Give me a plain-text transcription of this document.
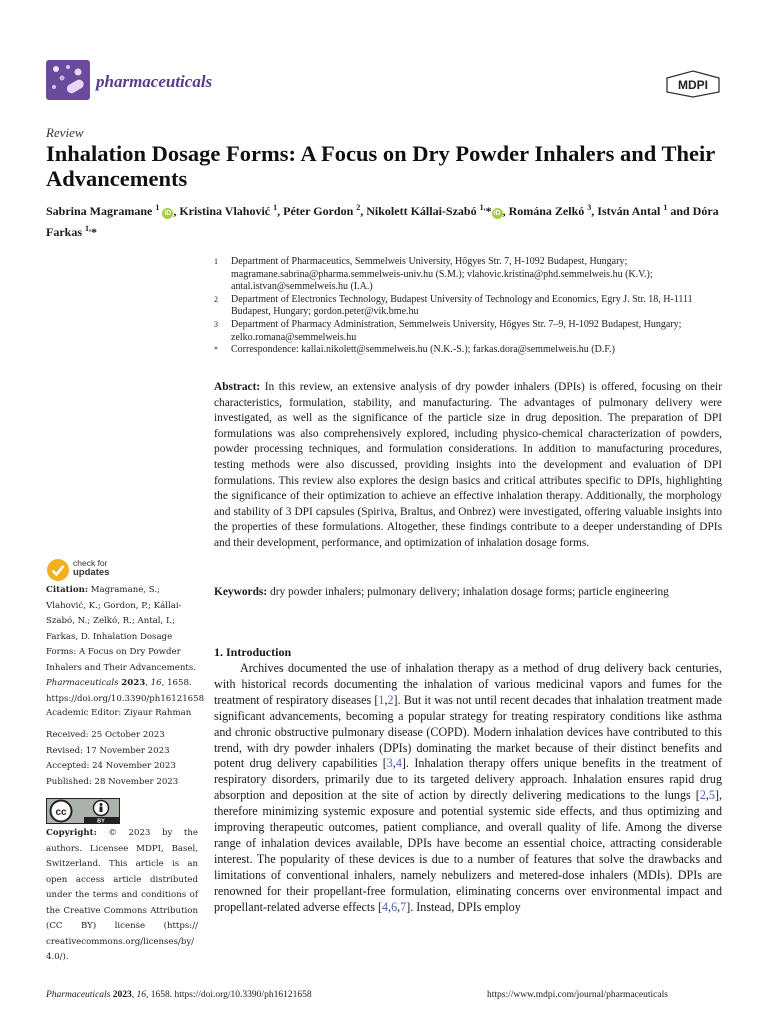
pharmaceuticals	MDPI
Review
Inhalation Dosage Forms: A Focus on Dry Powder Inhalers and Their Advancements
Sabrina Magramane $^1$ iD , Kristina Vlahović $^1$, Péter Gordon $^2$, Nikolett Kállai-Szabó $^{1,}$* iD , Romána Zelkó $^3$, István Antal $^1$ and Dóra Farkas $^{1,}$*
1	Department of Pharmaceutics, Semmelweis University, Hőgyes Str. 7, H-1092 Budapest, Hungary; magramane.sabrina@pharma.semmelweis-univ.hu (S.M.); vlahovic.kristina@phd.semmelweis.hu (K.V.); antal.istvan@semmelweis.hu (I.A.)
2	Department of Electronics Technology, Budapest University of Technology and Economics, Egry J. Str. 18, H-1111 Budapest, Hungary; gordon.peter@vik.bme.hu
3	Department of Pharmacy Administration, Semmelweis University, Hőgyes Str. 7–9, H-1092 Budapest, Hungary; zelko.romana@semmelweis.hu
*	Correspondence: kallai.nikolett@semmelweis.hu (N.K.-S.); farkas.dora@semmelweis.hu (D.F.)
Abstract: In this review, an extensive analysis of dry powder inhalers (DPIs) is offered, focusing on their characteristics, formulation, stability, and manufacturing. The advantages of pulmonary delivery were investigated, as well as the significance of the particle size in drug deposition. The preparation of DPI formulations was also comprehensively explored, including physico-chemical characterization of powders, powder processing techniques, and formulation considerations. In addition to manufacturing procedures, testing methods were also discussed, providing insights into the development and evaluation of DPI formulations. This review also explores the design basics and critical attributes specific to DPIs, highlighting the significance of their optimization to achieve an effective inhalation therapy. Additionally, the morphology and stability of 3 DPI capsules (Spiriva, Braltus, and Onbrez) were investigated, offering valuable insights into the properties of these formulations. Altogether, these findings contribute to a deeper understanding of DPIs and their development, performance, and optimization of inhalation dosage forms.
Keywords: dry powder inhalers; pulmonary delivery; inhalation dosage forms; particle engineering
1. Introduction
Archives documented the use of inhalation therapy as a method of drug delivery back centuries, with historical records documenting the inhalation of various medicinal vapors and fumes for the treatment of respiratory diseases [1,2]. But it was not until recent decades that inhalation treatment made significant advancements, becoming a popular strategy for treating respiratory conditions like asthma and chronic obstructive pulmonary disease (COPD). Modern inhalation devices have contributed to this trend, with dry powder inhalers (DPIs) dominating the market because of their distinct benefits and potent drug delivery capabilities [3,4]. Inhalation therapy offers unique benefits in the treatment of respiratory disorders, primarily due to its targeted delivery approach. Inhalation ensures rapid drug absorption and deposition at the site of action by directly delivering medications to the lungs [2,5], therefore minimizing systemic exposure and potential systemic side effects, and thus optimizing and improving therapeutic outcomes, patient compliance, and overall quality of life. Among the diverse range of inhalation devices available, DPIs have become an essential choice, attracting considerable interest. The popularity of these devices is due to a number of features that solve the drawbacks and limitations of conventional inhalers, namely nebulizers and metered-dose inhalers (MDIs). DPIs are renowned for their propellant-free formulation, eliminating concerns over environmental impact and propellant-related adverse effects [4,6,7]. Instead, DPIs employ
check for
updates
Citation: Magramane, S.; Vlahović, K.; Gordon, P.; Kállai-Szabó, N.; Zelkó, R.; Antal, I.; Farkas, D. Inhalation Dosage Forms: A Focus on Dry Powder Inhalers and Their Advancements. Pharmaceuticals 2023, 16, 1658. https://doi.org/10.3390/ph16121658
Academic Editor: Ziyaur Rahman
Received: 25 October 2023
Revised: 17 November 2023
Accepted: 24 November 2023
Published: 28 November 2023
cc
BY
Copyright: © 2023 by the authors. Licensee MDPI, Basel, Switzerland. This article is an open access article distributed under the terms and conditions of the Creative Commons Attribution (CC BY) license (https:// creativecommons.org/licenses/by/ 4.0/).
Pharmaceuticals 2023, 16, 1658. https://doi.org/10.3390/ph16121658	https://www.mdpi.com/journal/pharmaceuticals
